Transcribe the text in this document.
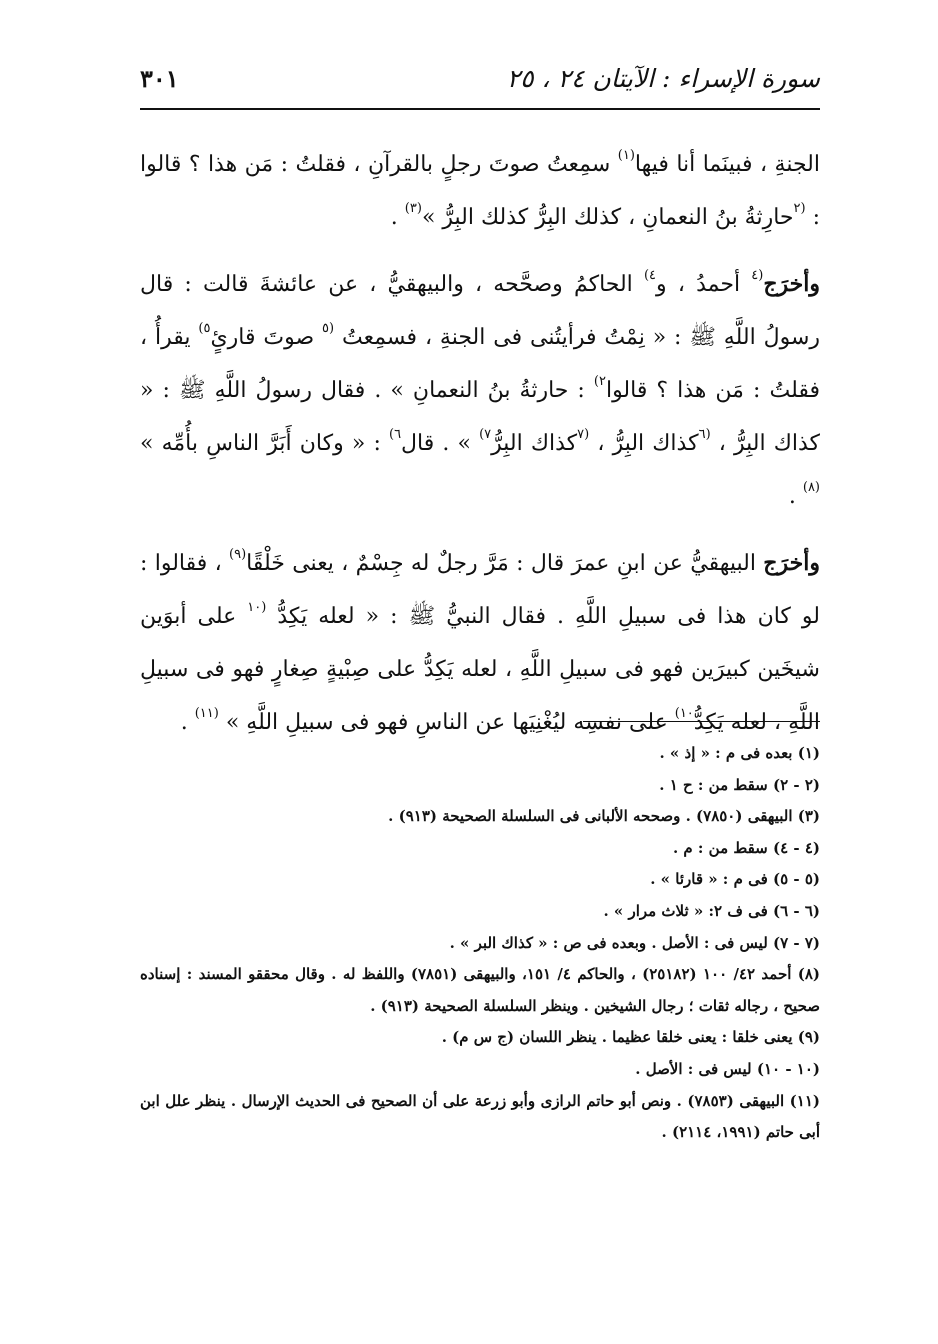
سورة الإسراء : الآيتان ٢٤ ، ٢٥
٣٠١

الجنةِ ، فبينَما أنا فيها$^{(١)}$ سمِعتُ صوتَ رجلٍ بالقرآنِ ، فقلتُ : مَن هذا ؟ قالوا : $^{(٢}$حارِثةُ بنُ النعمانِ ، كذلك البِرُّ كذلك البِرُّ »$^{(٣)}$ .

وأخرَج$^{(٤}$ أحمدُ ، و$^{٤)}$ الحاكمُ وصحَّحه ، والبيهقيُّ ، عن عائشةَ قالت : قال رسولُ اللَّهِ ﷺ : « نِمْتُ فرأيتُنى فى الجنةِ ، فسمِعتُ $^{(٥}$ صوتَ قارئٍ$^{٥)}$ يقرأُ ، فقلتُ : مَن هذا ؟ قالوا$^{٢)}$ : حارثةُ بنُ النعمانِ » . فقال رسولُ اللَّهِ ﷺ : « كذاك البِرُّ ، $^{(٦}$كذاك البِرُّ ، $^{(٧}$كذاك البِرُّ$^{٧)}$ » . قال$^{٦)}$ : « وكان أَبَرَّ الناسِ بأُمِّه » $^{(٨)}$ .

وأخرَج البيهقيُّ عن ابنِ عمرَ قال : مَرَّ رجلٌ له جِسْمٌ ، يعنى خَلْقًا$^{(٩)}$ ، فقالوا : لو كان هذا فى سبيلِ اللَّهِ . فقال النبيُّ ﷺ : « لعله يَكِدُّ $^{(١٠}$ على أبوَين شيخَين كبيرَين فهو فى سبيلِ اللَّهِ ، لعله يَكِدُّ على صِبْيةٍ صِغارٍ فهو فى سبيلِ اللَّهِ ، لعله يَكِدُّ$^{١٠)}$ على نفسِه ليُغْنِيَها عن الناسِ فهو فى سبيلِ اللَّهِ » $^{(١١)}$ .

(١) بعده فى م : « إذ » .

(٢ - ٢) سقط من : ح ١ .

(٣) البيهقى (٧٨٥٠) . وصححه الألبانى فى السلسلة الصحيحة (٩١٣) .

(٤ - ٤) سقط من : م .

(٥ - ٥) فى م : « قارئا » .

(٦ - ٦) فى ف ٢: « ثلاث مرار » .

(٧ - ٧) ليس فى : الأصل . وبعده فى ص : « كذاك البر » .

(٨) أحمد ٤٢/ ١٠٠ (٢٥١٨٢) ، والحاكم ٤/ ١٥١، والبيهقى (٧٨٥١) واللفظ له . وقال محققو المسند : إسناده صحيح ، رجاله ثقات ؛ رجال الشيخين . وينظر السلسلة الصحيحة (٩١٣) .

(٩) يعنى خلقا : يعنى خلقا عظيما . ينظر اللسان (ج س م) .

(١٠ - ١٠) ليس فى : الأصل .

(١١) البيهقى (٧٨٥٣) . ونص أبو حاتم الرازى وأبو زرعة على أن الصحيح فى الحديث الإرسال . ينظر علل ابن أبى حاتم (١٩٩١، ٢١١٤) .
